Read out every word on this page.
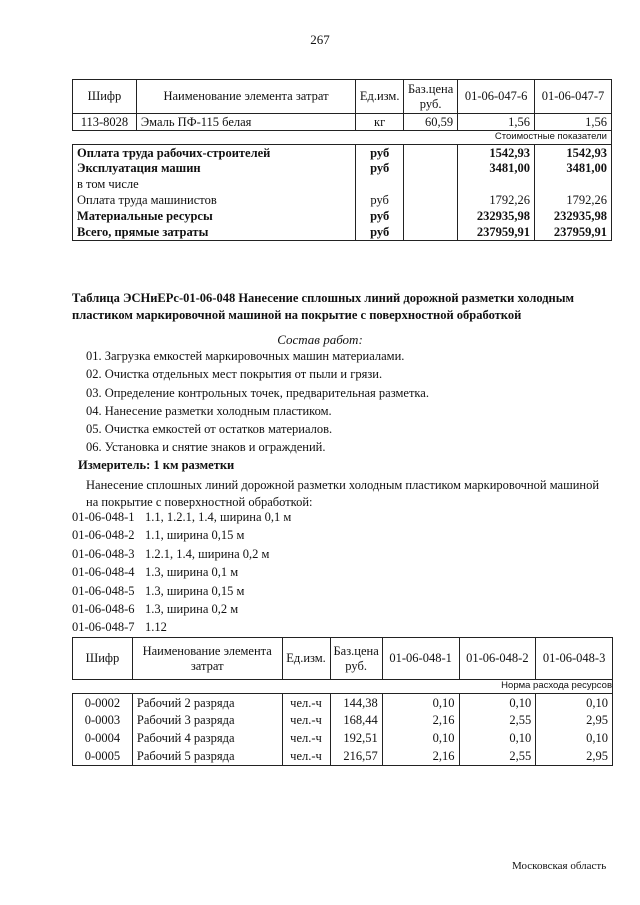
267
Шифр	Наименование элемента затрат	Ед.изм.	Баз.цена руб.	01-06-047-6	01-06-047-7
113-8028	Эмаль ПФ-115 белая	кг	60,59	1,56	1,56
				Стоимостные показатели	
Оплата труда рабочих-строителей		руб		1542,93	1542,93
Эксплуатация машин		руб		3481,00	3481,00
в том числе					
Оплата труда машинистов		руб		1792,26	1792,26
Материальные ресурсы		руб		232935,98	232935,98
Всего, прямые затраты		руб		237959,91	237959,91
Таблица ЭСНиЕРс-01-06-048 Нанесение сплошных линий дорожной разметки холодным пластиком маркировочной машиной на покрытие с поверхностной обработкой
Состав работ:
01. Загрузка емкостей маркировочных машин материалами.
02. Очистка отдельных мест покрытия от пыли и грязи.
03. Определение контрольных точек, предварительная разметка.
04. Нанесение разметки холодным пластиком.
05. Очистка емкостей от остатков материалов.
06. Установка и снятие знаков и ограждений.
Измеритель: 1 км разметки
Нанесение сплошных линий дорожной разметки холодным пластиком маркировочной машиной на покрытие с поверхностной обработкой:
01-06-048-1 1.1, 1.2.1, 1.4, ширина 0,1 м
01-06-048-2 1.1, ширина 0,15 м
01-06-048-3 1.2.1, 1.4, ширина 0,2 м
01-06-048-4 1.3, ширина 0,1 м
01-06-048-5 1.3, ширина 0,15 м
01-06-048-6 1.3, ширина 0,2 м
01-06-048-7 1.12
Шифр	Наименование элемента затрат	Ед.изм.	Баз.цена руб.	01-06-048-1	01-06-048-2	01-06-048-3
				Норма расхода ресурсов		
0-0002	Рабочий 2 разряда	чел.-ч	144,38	0,10	0,10	0,10
0-0003	Рабочий 3 разряда	чел.-ч	168,44	2,16	2,55	2,95
0-0004	Рабочий 4 разряда	чел.-ч	192,51	0,10	0,10	0,10
0-0005	Рабочий 5 разряда	чел.-ч	216,57	2,16	2,55	2,95
Московская область
